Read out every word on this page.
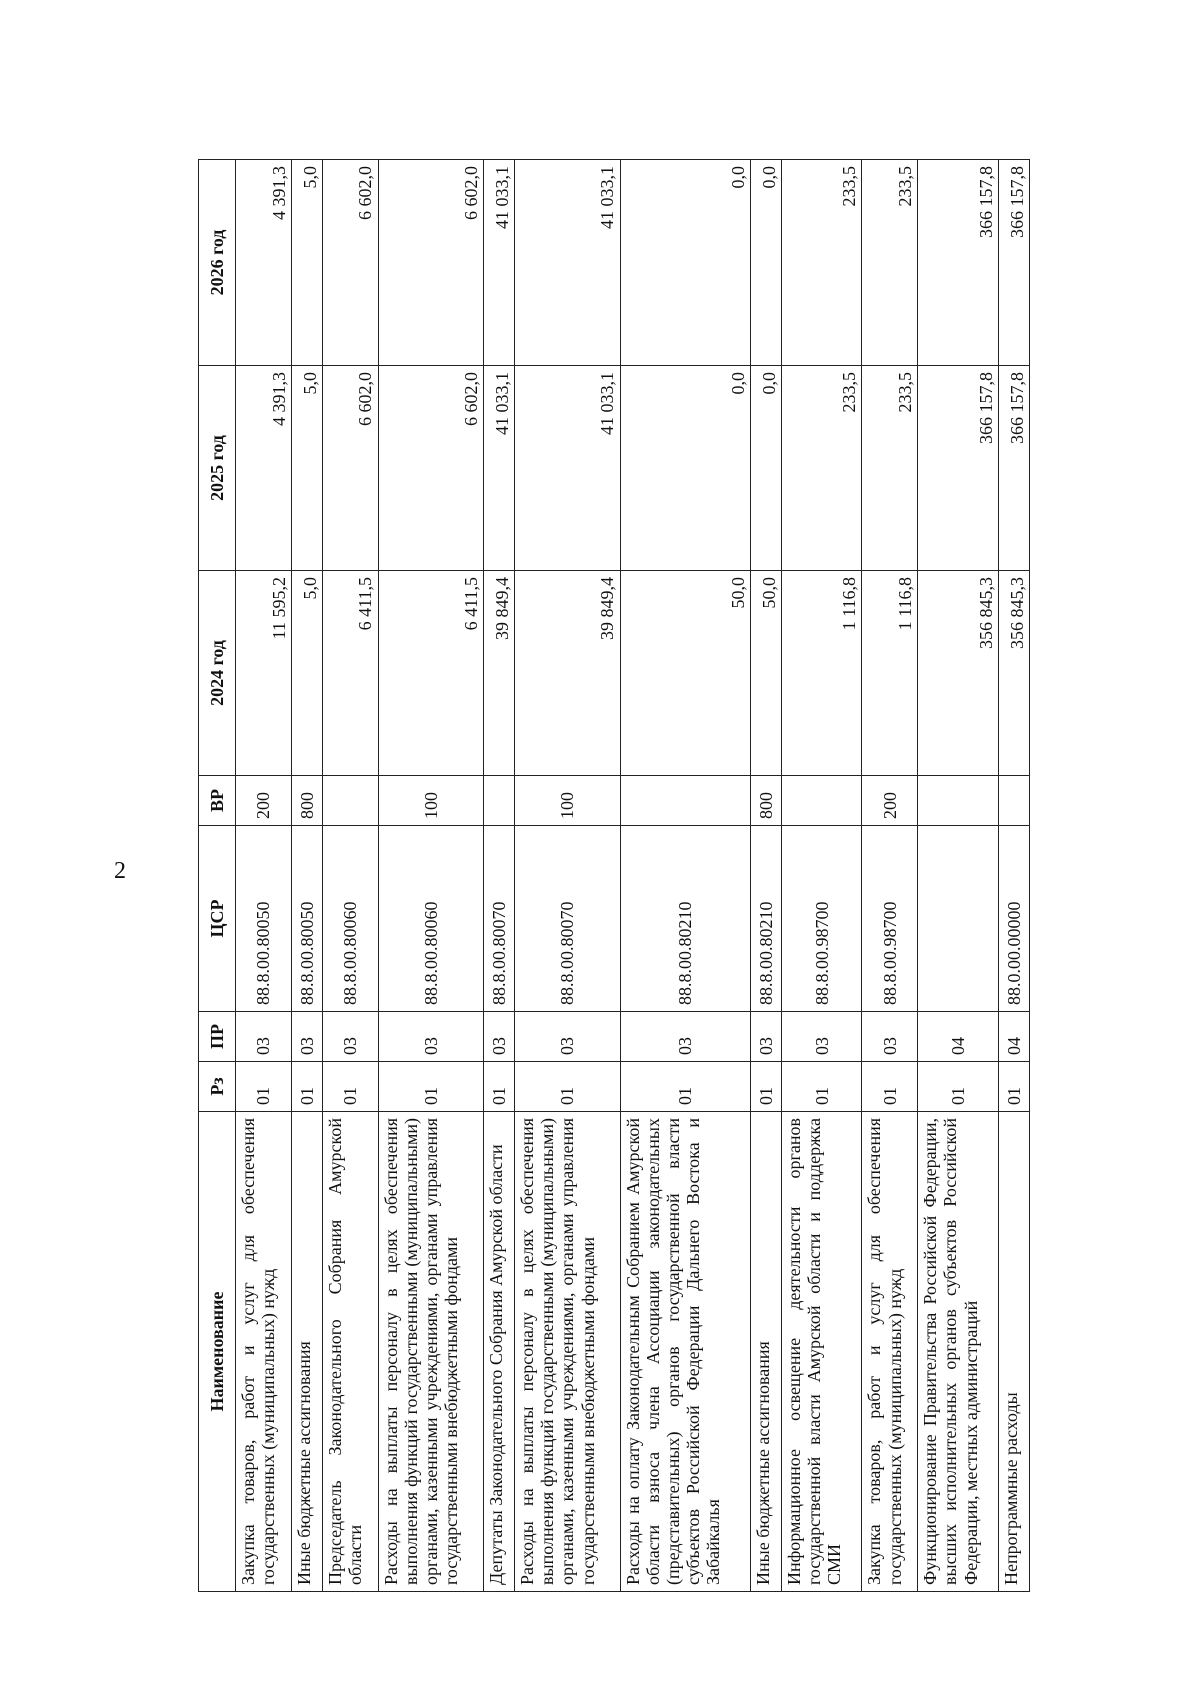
2
Наименование	Рз	ПР	ЦСР	ВР	2024 год	2025 год	2026 год
Закупка товаров, работ и услуг для обеспечения государственных (муниципальных) нужд	01	03	88.8.00.80050	200	11 595,2	4 391,3	4 391,3
Иные бюджетные ассигнования	01	03	88.8.00.80050	800	5,0	5,0	5,0
Председатель Законодательного Собрания Амурской области	01	03	88.8.00.80060		6 411,5	6 602,0	6 602,0
Расходы на выплаты персоналу в целях обеспечения выполнения функций государственными (муниципальными) органами, казенными учреждениями, органами управления государственными внебюджетными фондами	01	03	88.8.00.80060	100	6 411,5	6 602,0	6 602,0
Депутаты Законодательного Собрания Амурской области	01	03	88.8.00.80070		39 849,4	41 033,1	41 033,1
Расходы на выплаты персоналу в целях обеспечения выполнения функций государственными (муниципальными) органами, казенными учреждениями, органами управления государственными внебюджетными фондами	01	03	88.8.00.80070	100	39 849,4	41 033,1	41 033,1
Расходы на оплату Законодательным Собранием Амурской области взноса члена Ассоциации законодательных (представительных) органов государственной власти субъектов Российской Федерации Дальнего Востока и Забайкалья	01	03	88.8.00.80210		50,0	0,0	0,0
Иные бюджетные ассигнования	01	03	88.8.00.80210	800	50,0	0,0	0,0
Информационное освещение деятельности органов государственной власти Амурской области и поддержка СМИ	01	03	88.8.00.98700		1 116,8	233,5	233,5
Закупка товаров, работ и услуг для обеспечения государственных (муниципальных) нужд	01	03	88.8.00.98700	200	1 116,8	233,5	233,5
Функционирование Правительства Российской Федерации, высших исполнительных органов субъектов Российской Федерации, местных администраций	01	04			356 845,3	366 157,8	366 157,8
Непрограммные расходы	01	04	88.0.00.00000		356 845,3	366 157,8	366 157,8
